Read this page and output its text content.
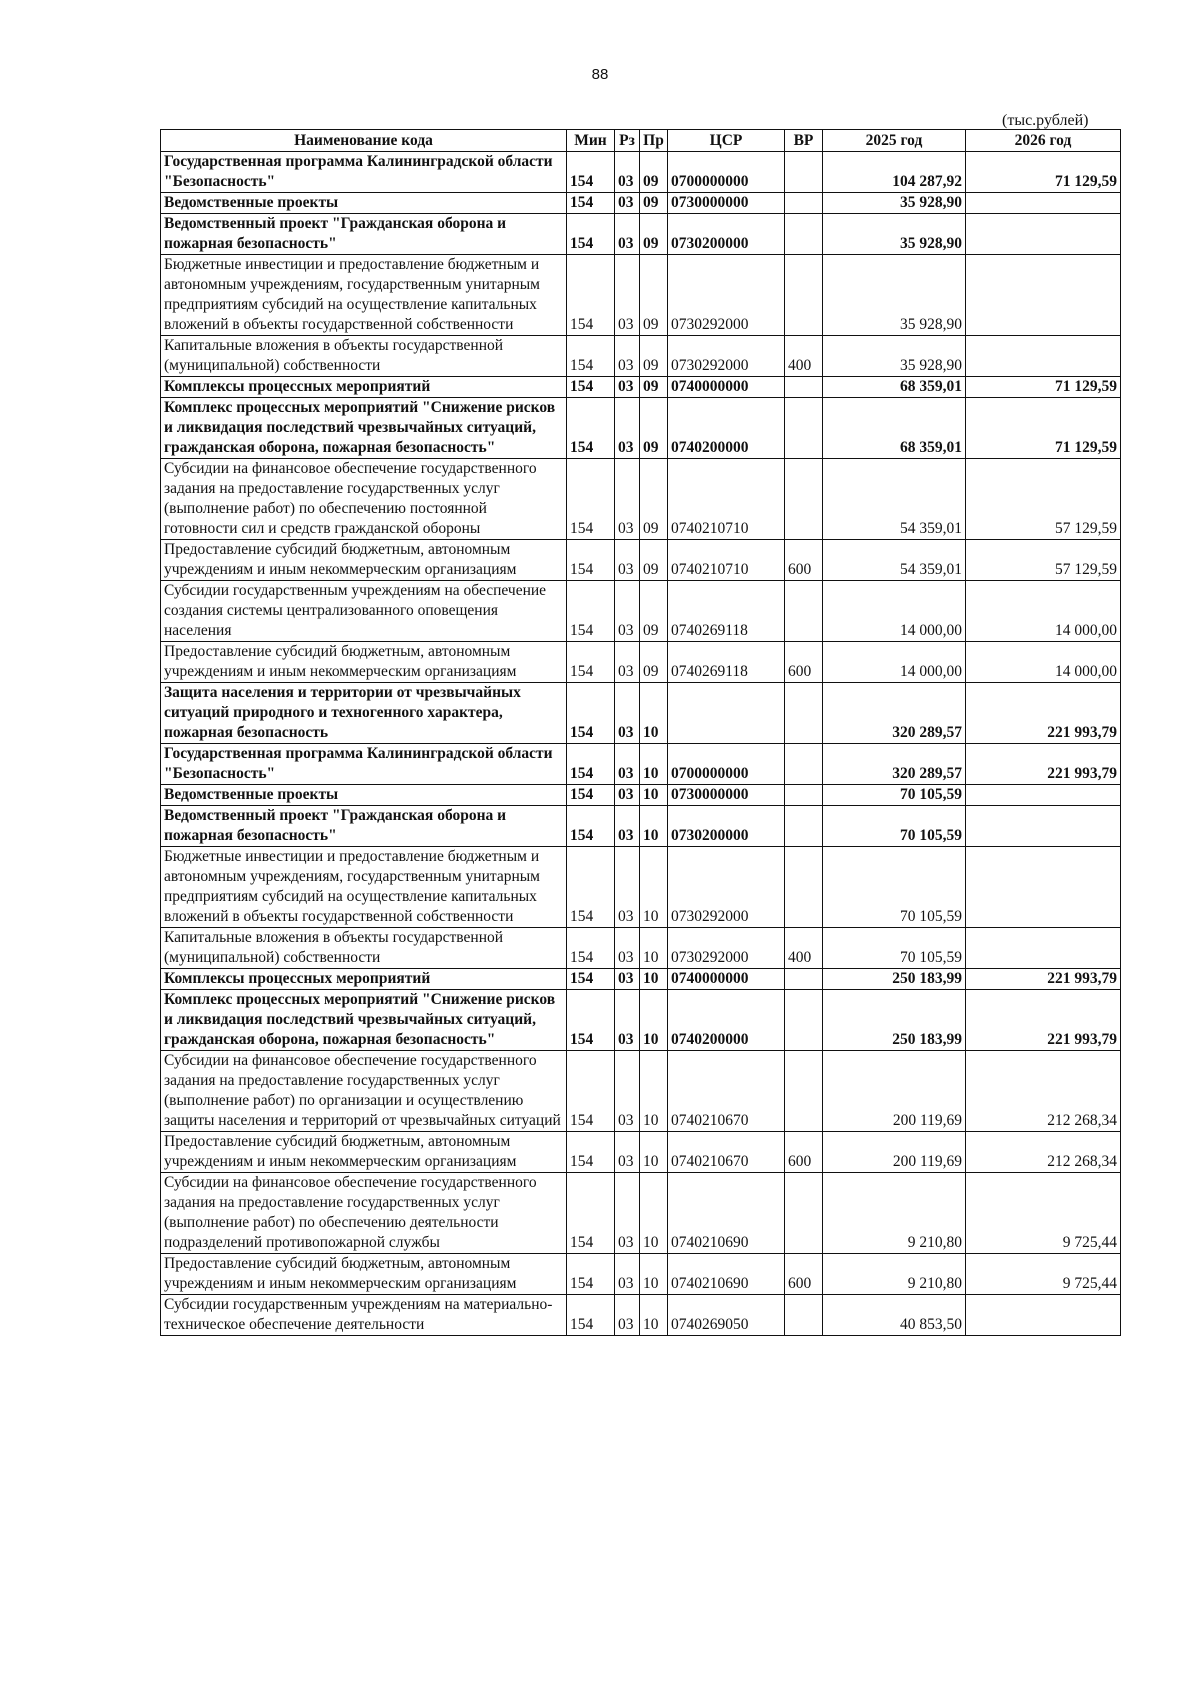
88
(тыс.рублей)
Наименование кода	Мин	Рз	Пр	ЦСР	ВР	2025 год	2026 год
Государственная программа Калининградской области "Безопасность"	154	03	09	0700000000		104 287,92	71 129,59
Ведомственные проекты	154	03	09	0730000000		35 928,90	
Ведомственный проект "Гражданская оборона и пожарная безопасность"	154	03	09	0730200000		35 928,90	
Бюджетные инвестиции и предоставление бюджетным и автономным учреждениям, государственным унитарным предприятиям субсидий на осуществление капитальных вложений в объекты государственной собственности	154	03	09	0730292000		35 928,90	
Капитальные вложения в объекты государственной (муниципальной) собственности	154	03	09	0730292000	400	35 928,90	
Комплексы процессных мероприятий	154	03	09	0740000000		68 359,01	71 129,59
Комплекс процессных мероприятий "Снижение рисков и ликвидация последствий чрезвычайных ситуаций, гражданская оборона, пожарная безопасность"	154	03	09	0740200000		68 359,01	71 129,59
Субсидии на финансовое обеспечение государственного задания на предоставление государственных услуг (выполнение работ) по обеспечению постоянной готовности сил и средств гражданской обороны	154	03	09	0740210710		54 359,01	57 129,59
Предоставление субсидий бюджетным, автономным учреждениям и иным некоммерческим организациям	154	03	09	0740210710	600	54 359,01	57 129,59
Субсидии государственным учреждениям на обеспечение создания системы централизованного оповещения населения	154	03	09	0740269118		14 000,00	14 000,00
Предоставление субсидий бюджетным, автономным учреждениям и иным некоммерческим организациям	154	03	09	0740269118	600	14 000,00	14 000,00
Защита населения и территории от чрезвычайных ситуаций природного и техногенного характера, пожарная безопасность	154	03	10			320 289,57	221 993,79
Государственная программа Калининградской области "Безопасность"	154	03	10	0700000000		320 289,57	221 993,79
Ведомственные проекты	154	03	10	0730000000		70 105,59	
Ведомственный проект "Гражданская оборона и пожарная безопасность"	154	03	10	0730200000		70 105,59	
Бюджетные инвестиции и предоставление бюджетным и автономным учреждениям, государственным унитарным предприятиям субсидий на осуществление капитальных вложений в объекты государственной собственности	154	03	10	0730292000		70 105,59	
Капитальные вложения в объекты государственной (муниципальной) собственности	154	03	10	0730292000	400	70 105,59	
Комплексы процессных мероприятий	154	03	10	0740000000		250 183,99	221 993,79
Комплекс процессных мероприятий "Снижение рисков и ликвидация последствий чрезвычайных ситуаций, гражданская оборона, пожарная безопасность"	154	03	10	0740200000		250 183,99	221 993,79
Субсидии на финансовое обеспечение государственного задания на предоставление государственных услуг (выполнение работ) по организации и осуществлению защиты населения и территорий от чрезвычайных ситуаций	154	03	10	0740210670		200 119,69	212 268,34
Предоставление субсидий бюджетным, автономным учреждениям и иным некоммерческим организациям	154	03	10	0740210670	600	200 119,69	212 268,34
Субсидии на финансовое обеспечение государственного задания на предоставление государственных услуг (выполнение работ) по обеспечению деятельности подразделений противопожарной службы	154	03	10	0740210690		9 210,80	9 725,44
Предоставление субсидий бюджетным, автономным учреждениям и иным некоммерческим организациям	154	03	10	0740210690	600	9 210,80	9 725,44
Субсидии государственным учреждениям на материально-техническое обеспечение деятельности	154	03	10	0740269050		40 853,50	
